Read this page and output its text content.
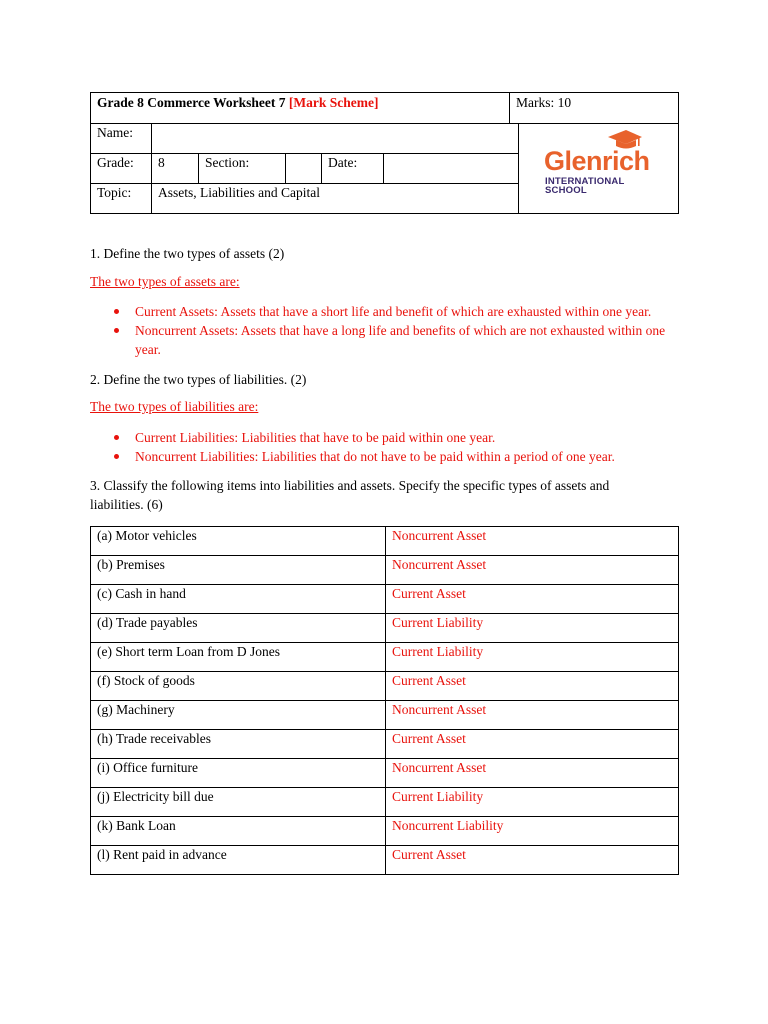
Grade 8 Commerce Worksheet 7 [Mark Scheme]	Marks: 10
Name:
Grade:	8	Section:	Date:
Topic:	Assets, Liabilities and Capital
Glenrich
INTERNATIONAL
SCHOOL
1. Define the two types of assets (2)
The two types of assets are:
Current Assets: Assets that have a short life and benefit of which are exhausted within one year.
Noncurrent Assets: Assets that have a long life and benefits of which are not exhausted within one year.
2. Define the two types of liabilities. (2)
The two types of liabilities are:
Current Liabilities: Liabilities that have to be paid within one year.
Noncurrent Liabilities: Liabilities that do not have to be paid within a period of one year.
3. Classify the following items into liabilities and assets. Specify the specific types of assets and liabilities. (6)
(a) Motor vehicles	Noncurrent Asset
(b) Premises	Noncurrent Asset
(c) Cash in hand	Current Asset
(d) Trade payables	Current Liability
(e) Short term Loan from D Jones	Current Liability
(f) Stock of goods	Current Asset
(g) Machinery	Noncurrent Asset
(h) Trade receivables	Current Asset
(i) Office furniture	Noncurrent Asset
(j) Electricity bill due	Current Liability
(k) Bank Loan	Noncurrent Liability
(l) Rent paid in advance	Current Asset
